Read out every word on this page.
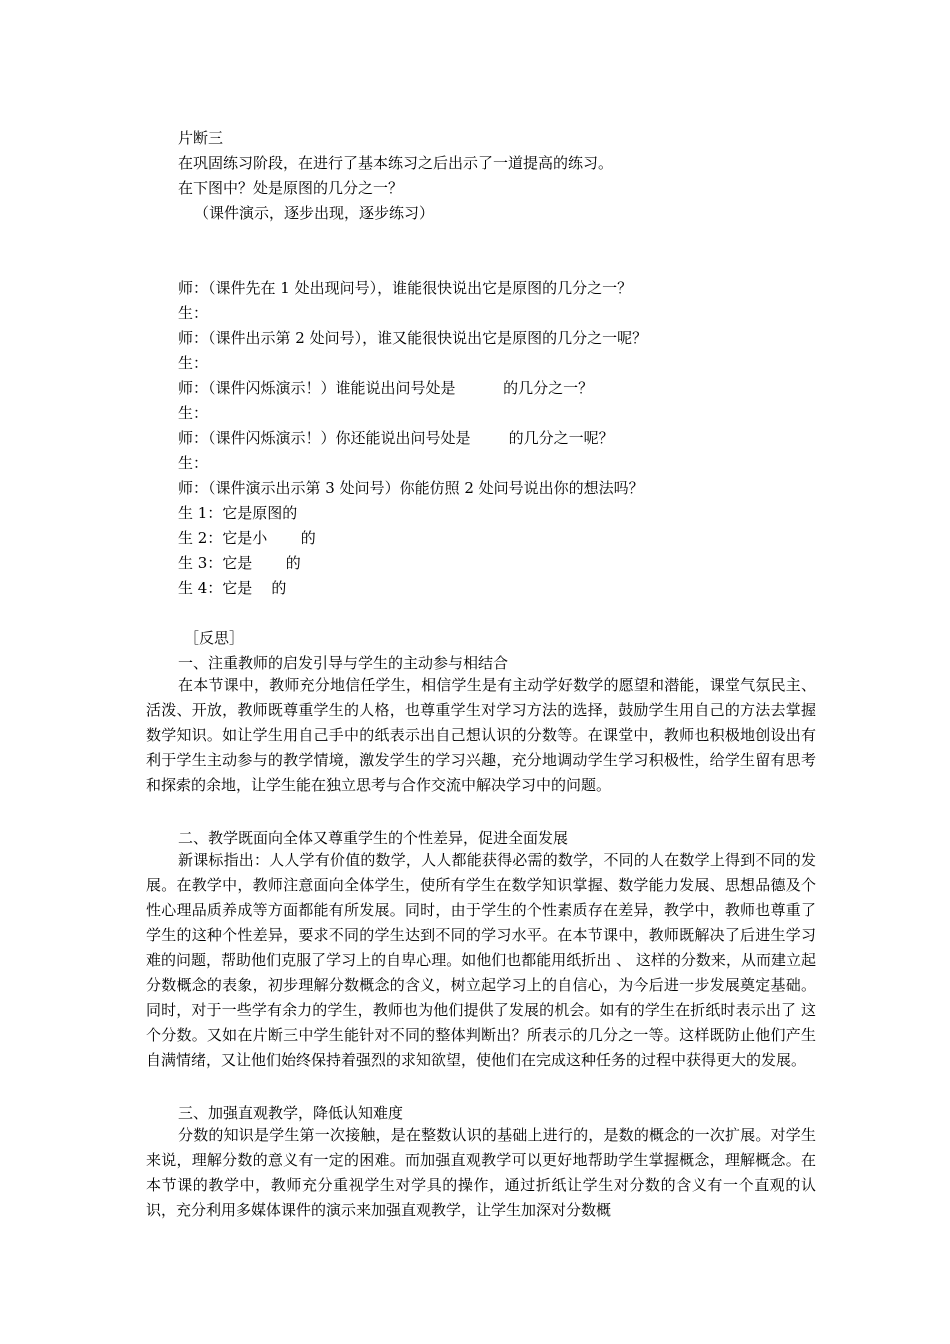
片断三
在巩固练习阶段，在进行了基本练习之后出示了一道提高的练习。
在下图中？处是原图的几分之一？
（课件演示，逐步出现，逐步练习）
师：（课件先在 1 处出现问号），谁能很快说出它是原图的几分之一？
生：
师：（课件出示第 2 处问号），谁又能很快说出它是原图的几分之一呢？
生：
师：（课件闪烁演示！）谁能说出问号处是          的几分之一？
生：
师：（课件闪烁演示！）你还能说出问号处是        的几分之一呢？
生：
师：（课件演示出示第 3 处问号）你能仿照 2 处问号说出你的想法吗？
生 1：它是原图的
生 2：它是小       的
生 3：它是       的
生 4：它是    的
［反思］
一、注重教师的启发引导与学生的主动参与相结合

在本节课中，教师充分地信任学生，相信学生是有主动学好数学的愿望和潜能，课堂气氛民主、活泼、开放，教师既尊重学生的人格，也尊重学生对学习方法的选择，鼓励学生用自己的方法去掌握数学知识。如让学生用自己手中的纸表示出自己想认识的分数等。在课堂中，教师也积极地创设出有利于学生主动参与的教学情境，激发学生的学习兴趣，充分地调动学生学习积极性，给学生留有思考和探索的余地，让学生能在独立思考与合作交流中解决学习中的问题。

二、教学既面向全体又尊重学生的个性差异，促进全面发展

新课标指出：人人学有价值的数学，人人都能获得必需的数学，不同的人在数学上得到不同的发展。在教学中，教师注意面向全体学生，使所有学生在数学知识掌握、数学能力发展、思想品德及个性心理品质养成等方面都能有所发展。同时，由于学生的个性素质存在差异，教学中，教师也尊重了学生的这种个性差异，要求不同的学生达到不同的学习水平。在本节课中，教师既解决了后进生学习难的问题，帮助他们克服了学习上的自卑心理。如他们也都能用纸折出 、 这样的分数来，从而建立起分数概念的表象，初步理解分数概念的含义，树立起学习上的自信心，为今后进一步发展奠定基础。同时，对于一些学有余力的学生，教师也为他们提供了发展的机会。如有的学生在折纸时表示出了 这个分数。又如在片断三中学生能针对不同的整体判断出？所表示的几分之一等。这样既防止他们产生自满情绪，又让他们始终保持着强烈的求知欲望，使他们在完成这种任务的过程中获得更大的发展。

三、加强直观教学，降低认知难度

分数的知识是学生第一次接触，是在整数认识的基础上进行的，是数的概念的一次扩展。对学生来说，理解分数的意义有一定的困难。而加强直观教学可以更好地帮助学生掌握概念，理解概念。在本节课的教学中，教师充分重视学生对学具的操作，通过折纸让学生对分数的含义有一个直观的认识，充分利用多媒体课件的演示来加强直观教学，让学生加深对分数概
